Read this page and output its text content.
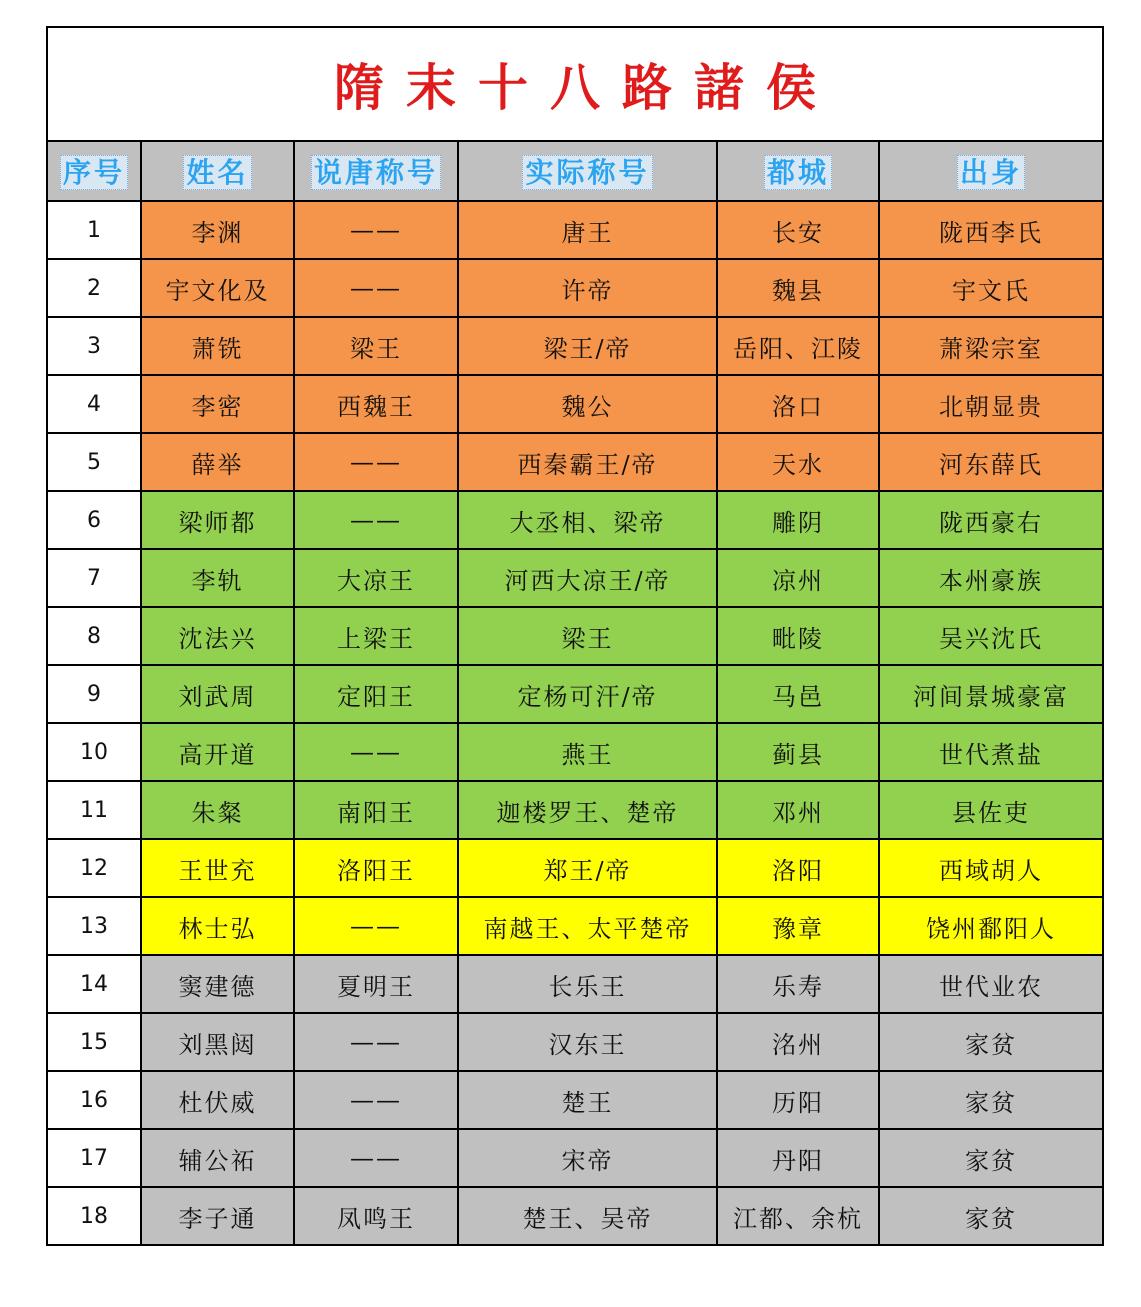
隋末十八路諸侯
序号	姓名	说唐称号	实际称号	都城	出身
1	李渊	——	唐王	长安	陇西李氏
2	宇文化及	——	许帝	魏县	宇文氏
3	萧铣	梁王	梁王/帝	岳阳、江陵	萧梁宗室
4	李密	西魏王	魏公	洛口	北朝显贵
5	薛举	——	西秦霸王/帝	天水	河东薛氏
6	梁师都	——	大丞相、梁帝	雕阴	陇西豪右
7	李轨	大凉王	河西大凉王/帝	凉州	本州豪族
8	沈法兴	上梁王	梁王	毗陵	吴兴沈氏
9	刘武周	定阳王	定杨可汗/帝	马邑	河间景城豪富
10	高开道	——	燕王	蓟县	世代煮盐
11	朱粲	南阳王	迦楼罗王、楚帝	邓州	县佐吏
12	王世充	洛阳王	郑王/帝	洛阳	西域胡人
13	林士弘	——	南越王、太平楚帝	豫章	饶州鄱阳人
14	窦建德	夏明王	长乐王	乐寿	世代业农
15	刘黑闼	——	汉东王	洺州	家贫
16	杜伏威	——	楚王	历阳	家贫
17	辅公祏	——	宋帝	丹阳	家贫
18	李子通	凤鸣王	楚王、吴帝	江都、余杭	家贫
